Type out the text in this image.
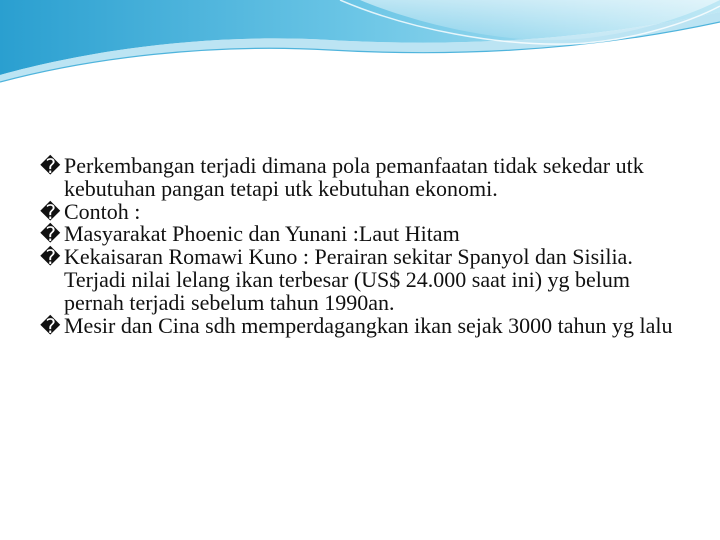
� Perkembangan terjadi dimana pola pemanfaatan tidak sekedar utk kebutuhan pangan tetapi utk kebutuhan ekonomi.

� Contoh :

� Masyarakat Phoenic dan Yunani :Laut Hitam

� Kekaisaran Romawi Kuno : Perairan sekitar Spanyol dan Sisilia. Terjadi nilai lelang ikan terbesar (US$ 24.000 saat ini) yg belum pernah terjadi sebelum tahun 1990an.

� Mesir dan Cina sdh memperdagangkan ikan sejak 3000 tahun yg lalu
